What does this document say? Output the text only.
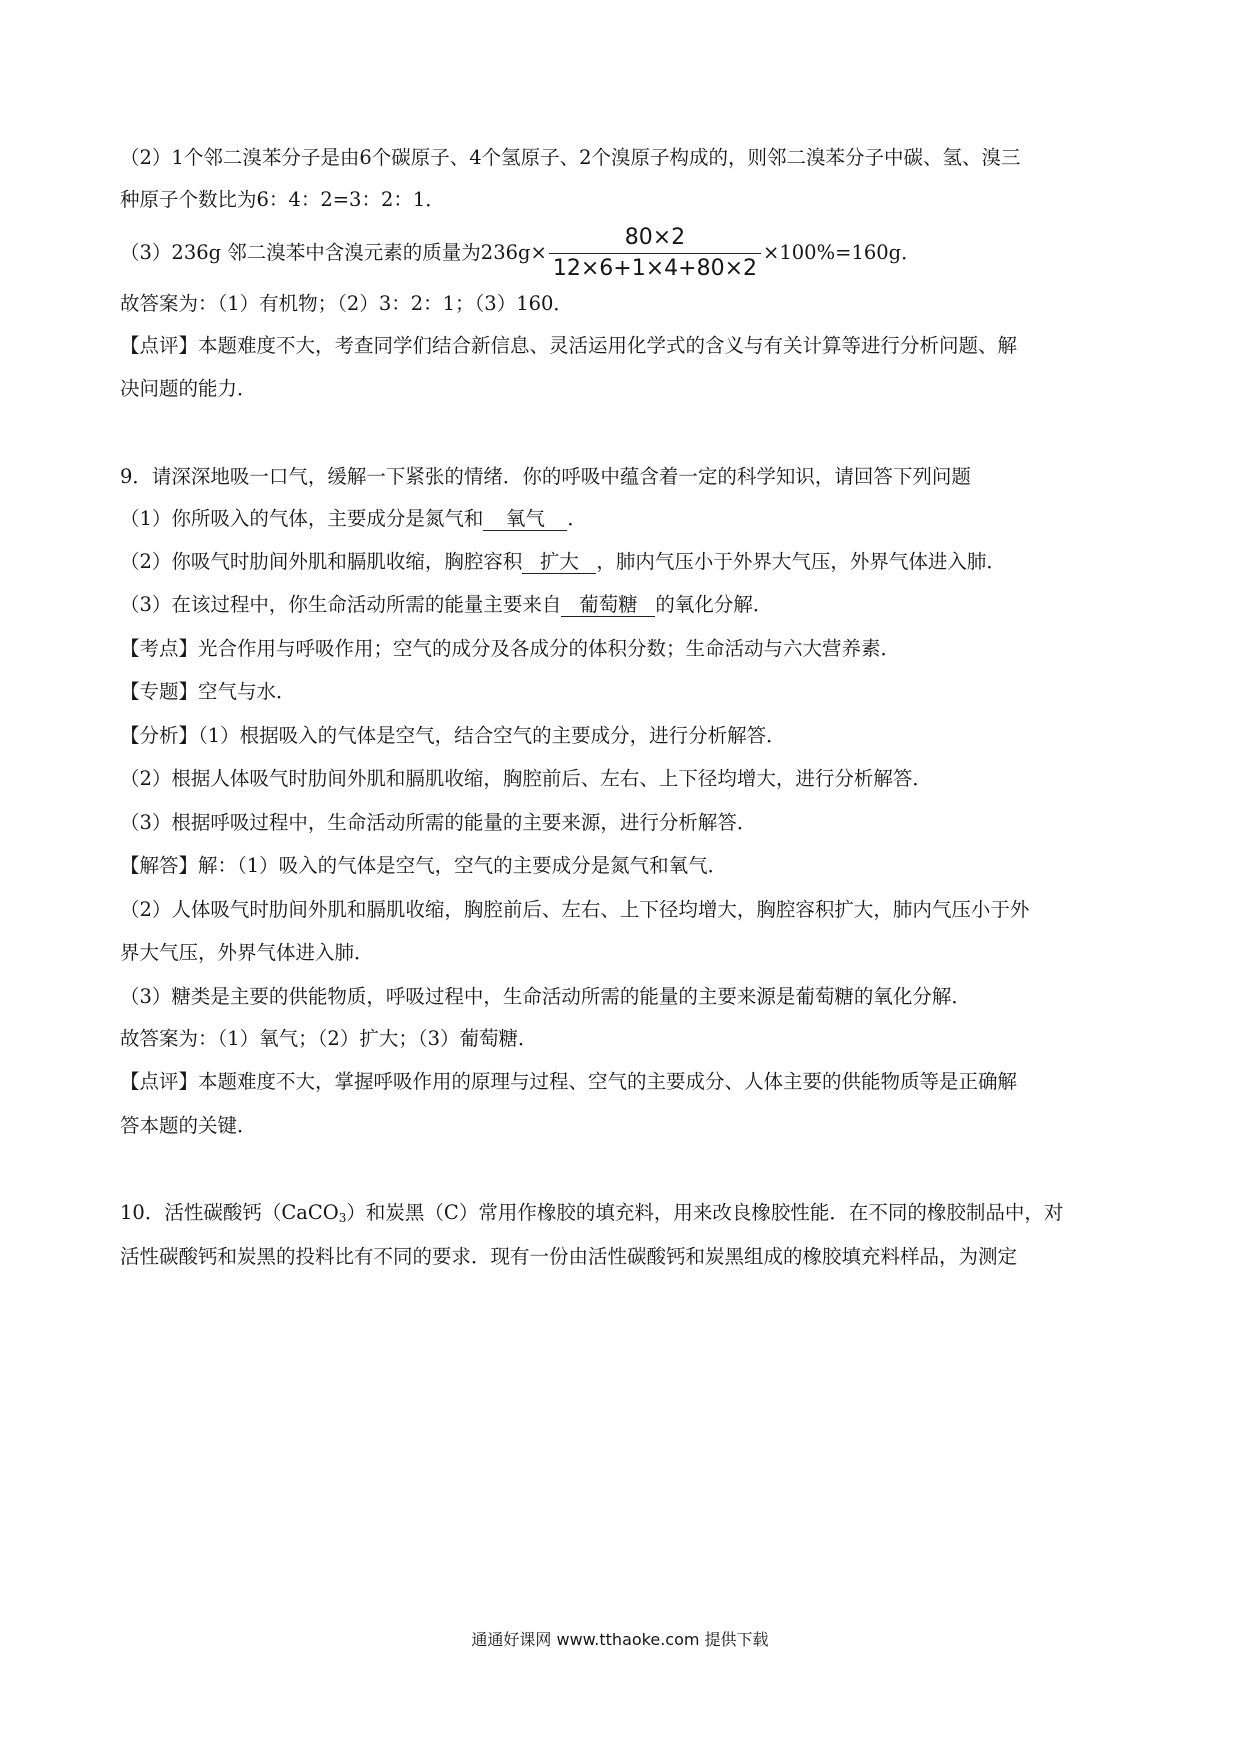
（2）1个邻二溴苯分子是由6个碳原子、4个氢原子、2个溴原子构成的，则邻二溴苯分子中碳、氢、溴三
种原子个数比为6：4：2=3：2：1．
（3）236g 邻二溴苯中含溴元素的质量为$236g\times \frac{80\times 2}{12\times 6+1\times 4+80\times 2} \times 100\%=160g$．
故答案为：（1）有机物；（2）3：2：1；（3）160．
【点评】本题难度不大，考查同学们结合新信息、灵活运用化学式的含义与有关计算等进行分析问题、解
决问题的能力．
9．请深深地吸一口气，缓解一下紧张的情绪．你的呼吸中蕴含着一定的科学知识，请回答下列问题
（1）你所吸入的气体，主要成分是氮气和 氧气 ．
（2）你吸气时肋间外肌和膈肌收缩，胸腔容积 扩大 ，肺内气压小于外界大气压，外界气体进入肺．
（3）在该过程中，你生命活动所需的能量主要来自 葡萄糖 的氧化分解．
【考点】光合作用与呼吸作用；空气的成分及各成分的体积分数；生命活动与六大营养素．
【专题】空气与水．
【分析】（1）根据吸入的气体是空气，结合空气的主要成分，进行分析解答．
（2）根据人体吸气时肋间外肌和膈肌收缩，胸腔前后、左右、上下径均增大，进行分析解答．
（3）根据呼吸过程中，生命活动所需的能量的主要来源，进行分析解答．
【解答】解：（1）吸入的气体是空气，空气的主要成分是氮气和氧气．
（2）人体吸气时肋间外肌和膈肌收缩，胸腔前后、左右、上下径均增大，胸腔容积扩大，肺内气压小于外
界大气压，外界气体进入肺．
（3）糖类是主要的供能物质，呼吸过程中，生命活动所需的能量的主要来源是葡萄糖的氧化分解．
故答案为：（1）氧气；（2）扩大；（3）葡萄糖．
【点评】本题难度不大，掌握呼吸作用的原理与过程、空气的主要成分、人体主要的供能物质等是正确解
答本题的关键．
10．活性碳酸钙（CaCO$_3$）和炭黑（C）常用作橡胶的填充料，用来改良橡胶性能．在不同的橡胶制品中，对
活性碳酸钙和炭黑的投料比有不同的要求．现有一份由活性碳酸钙和炭黑组成的橡胶填充料样品，为测定
通通好课网 www.tthaoke.com 提供下载
